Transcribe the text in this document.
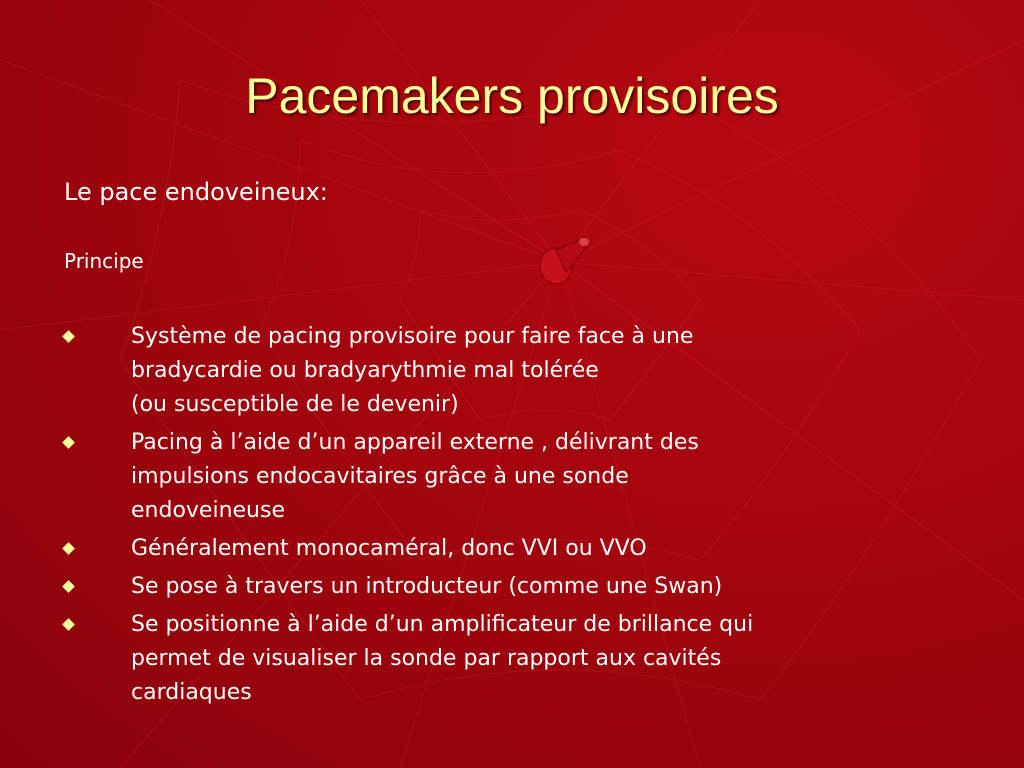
Pacemakers provisoires

Le pace endoveineux:

Principe

Système de pacing provisoire pour faire face à une
bradycardie ou bradyarythmie mal tolérée
(ou susceptible de le devenir)
Pacing à l’aide d’un appareil externe , délivrant des
impulsions endocavitaires grâce à une sonde
endoveineuse
Généralement monocaméral, donc VVI ou VVO
Se pose à travers un introducteur (comme une Swan)
Se positionne à l’aide d’un amplificateur de brillance qui
permet de visualiser la sonde par rapport aux cavités
cardiaques
